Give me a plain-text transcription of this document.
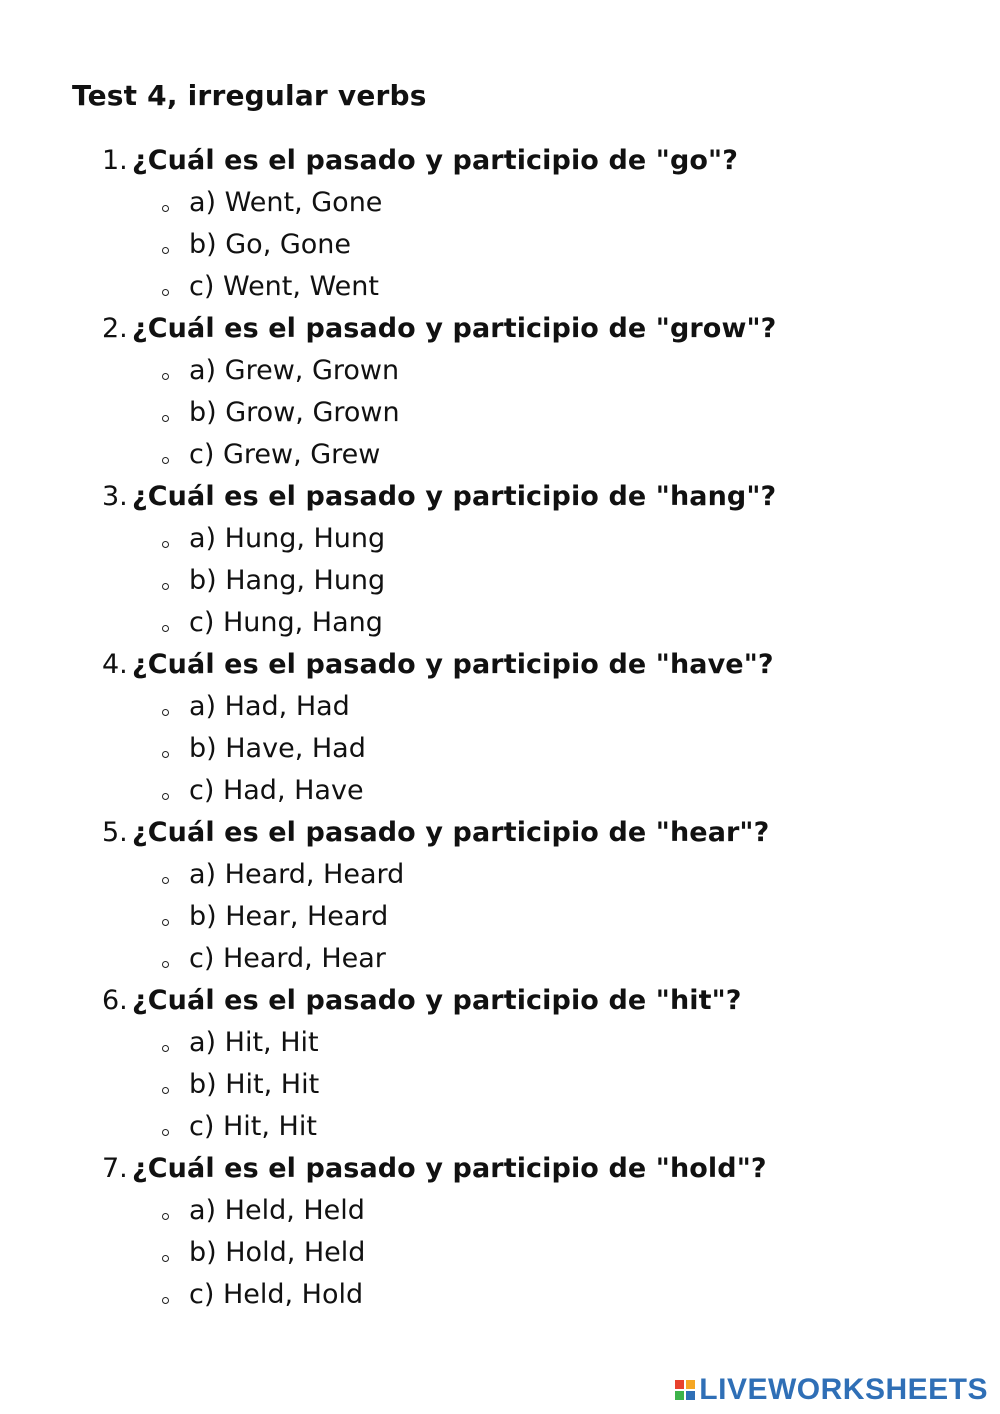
Test 4, irregular verbs
1. ¿Cuál es el pasado y participio de "go"?
a) Went, Gone
b) Go, Gone
c) Went, Went
2. ¿Cuál es el pasado y participio de "grow"?
a) Grew, Grown
b) Grow, Grown
c) Grew, Grew
3. ¿Cuál es el pasado y participio de "hang"?
a) Hung, Hung
b) Hang, Hung
c) Hung, Hang
4. ¿Cuál es el pasado y participio de "have"?
a) Had, Had
b) Have, Had
c) Had, Have
5. ¿Cuál es el pasado y participio de "hear"?
a) Heard, Heard
b) Hear, Heard
c) Heard, Hear
6. ¿Cuál es el pasado y participio de "hit"?
a) Hit, Hit
b) Hit, Hit
c) Hit, Hit
7. ¿Cuál es el pasado y participio de "hold"?
a) Held, Held
b) Hold, Held
c) Held, Hold
LIVEWORKSHEETS
